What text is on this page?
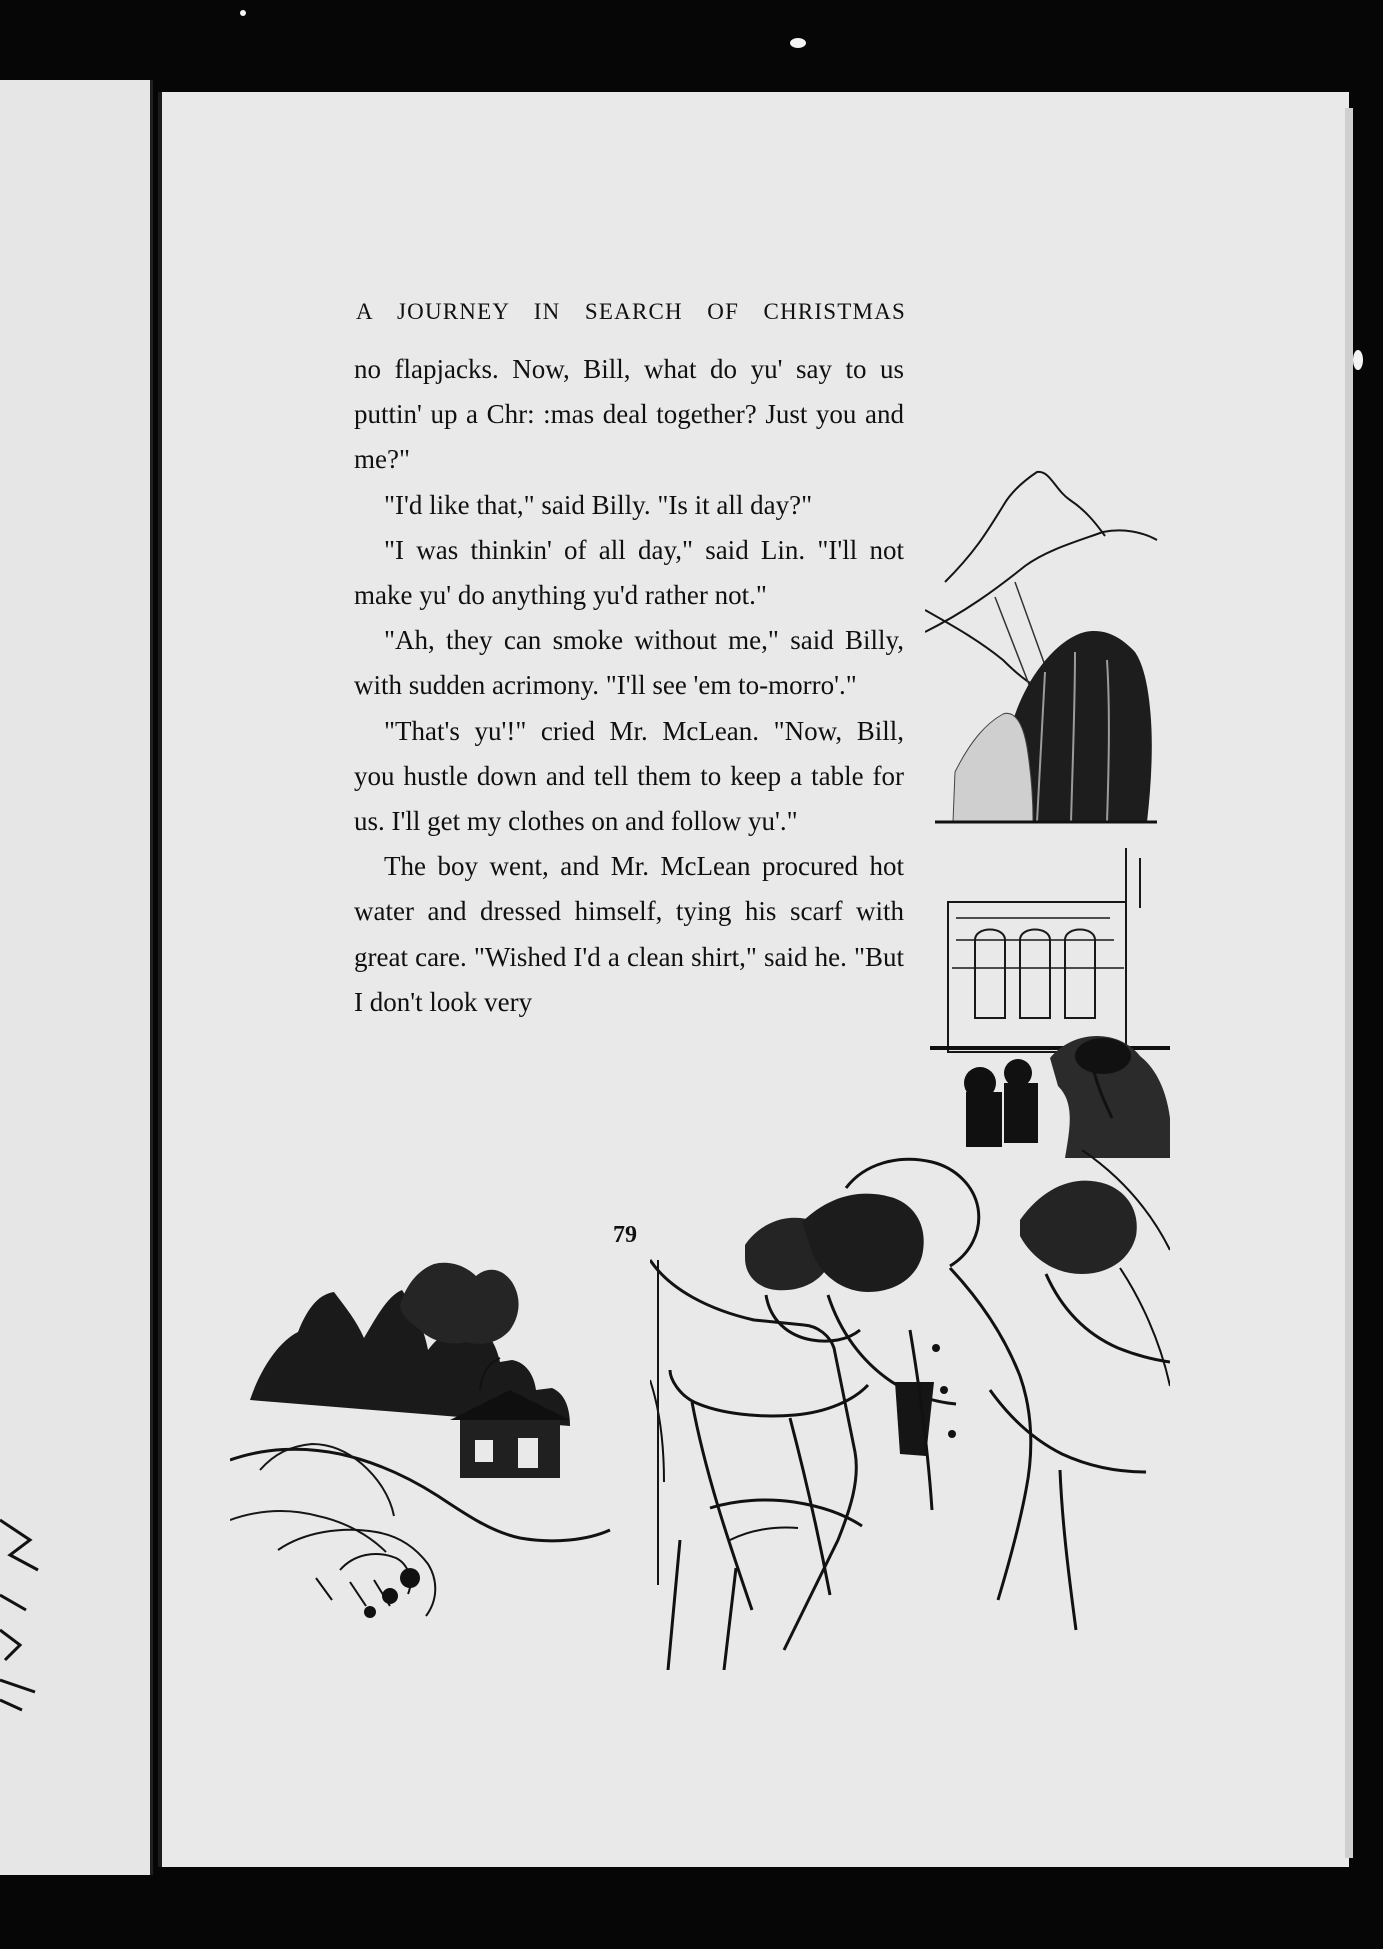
A JOURNEY IN SEARCH OF CHRISTMAS

no flapjacks. Now, Bill, what do yu' say to us puttin' up a Chr: :mas deal together? Just you and me?"

"I'd like that," said Billy. "Is it all day?"

"I was thinkin' of all day," said Lin. "I'll not make yu' do anything yu'd rather not."

"Ah, they can smoke without me," said Billy, with sudden acrimony. "I'll see 'em to-morro'."

"That's yu'!" cried Mr. McLean. "Now, Bill, you hustle down and tell them to keep a table for us. I'll get my clothes on and follow yu'."

The boy went, and Mr. McLean procured hot water and dressed himself, tying his scarf with great care. "Wished I'd a clean shirt," said he. "But I don't look very

79
